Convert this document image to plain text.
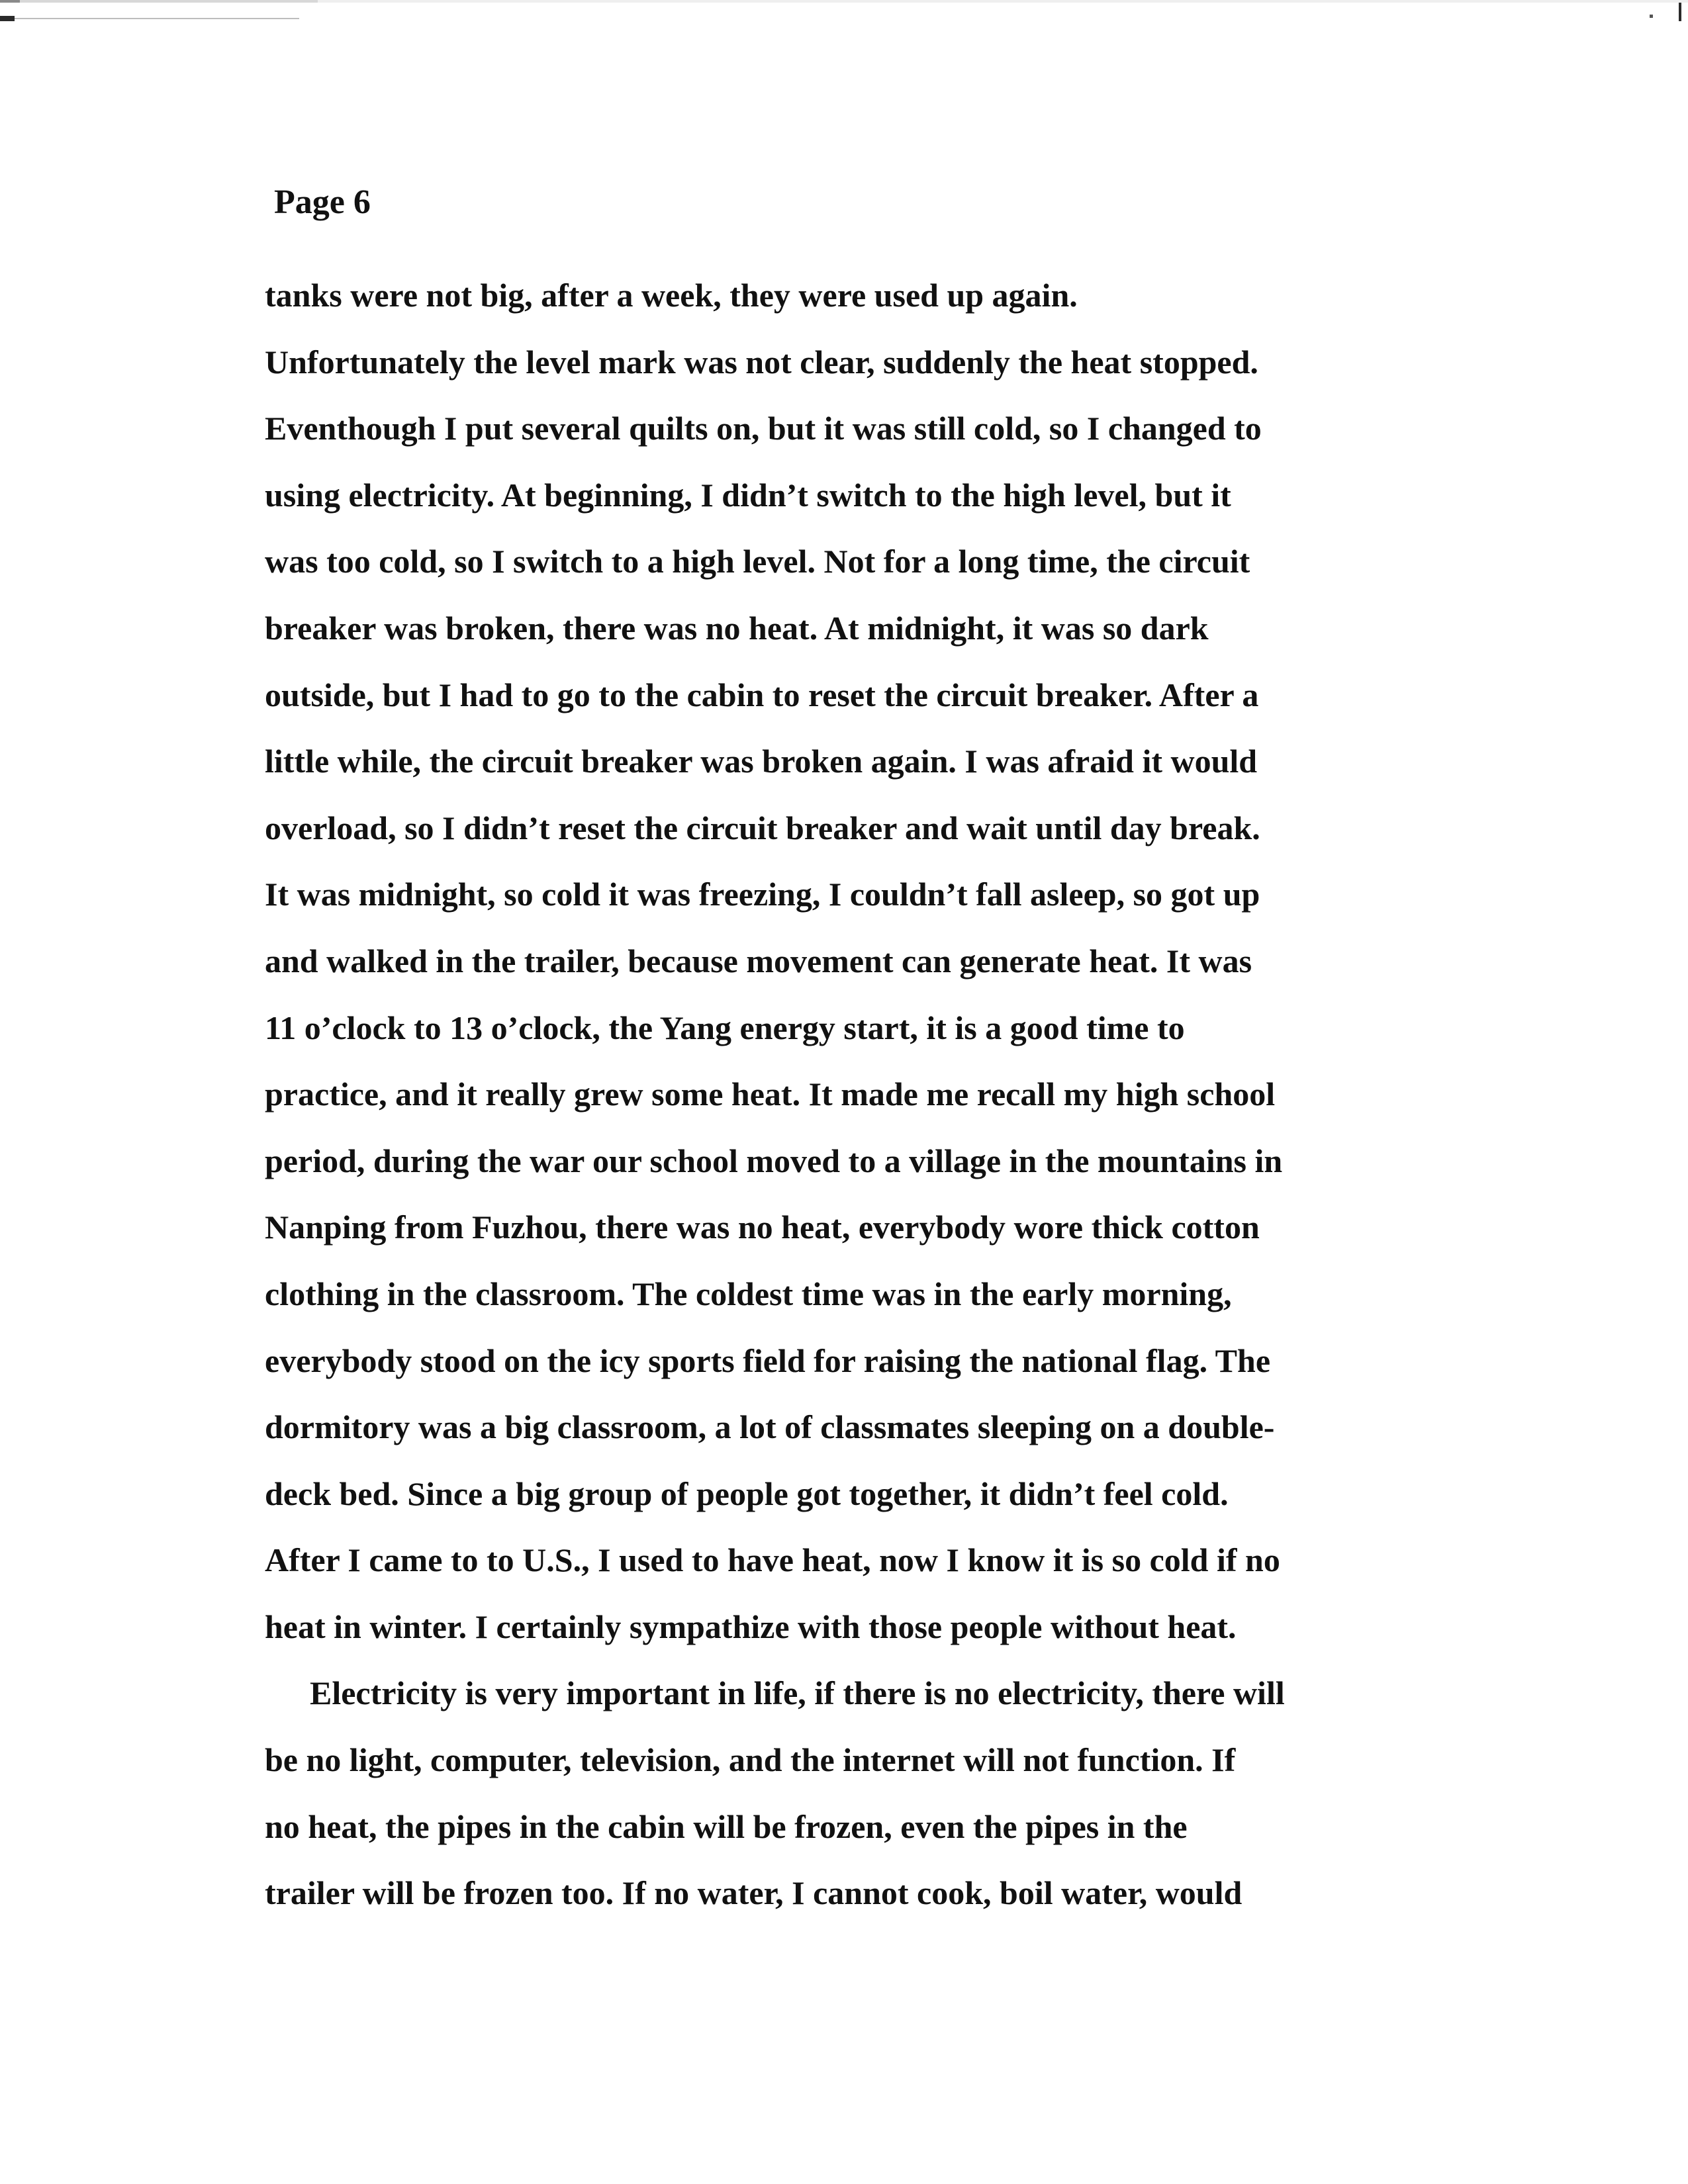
Page 6
tanks were not big, after a week, they were used up again.
Unfortunately the level mark was not clear, suddenly the heat stopped.
Eventhough I put several quilts on, but it was still cold, so I changed to
using electricity. At beginning, I didn’t switch to the high level, but it
was too cold, so I switch to a high level. Not for a long time, the circuit
breaker was broken, there was no heat. At midnight, it was so dark
outside, but I had to go to the cabin to reset the circuit breaker. After a
little while, the circuit breaker was broken again. I was afraid it would
overload, so I didn’t reset the circuit breaker and wait until day break.
It was midnight, so cold it was freezing, I couldn’t fall asleep, so got up
and walked in the trailer, because movement can generate heat. It was
11 o’clock to 13 o’clock, the Yang energy start, it is a good time to
practice, and it really grew some heat. It made me recall my high school
period, during the war our school moved to a village in the mountains in
Nanping from Fuzhou, there was no heat, everybody wore thick cotton
clothing in the classroom. The coldest time was in the early morning,
everybody stood on the icy sports field for raising the national flag. The
dormitory was a big classroom, a lot of classmates sleeping on a double-
deck bed. Since a big group of people got together, it didn’t feel cold.
After I came to to U.S., I used to have heat, now I know it is so cold if no
heat in winter. I certainly sympathize with those people without heat.
Electricity is very important in life, if there is no electricity, there will
be no light, computer, television, and the internet will not function. If
no heat, the pipes in the cabin will be frozen, even the pipes in the
trailer will be frozen too. If no water, I cannot cook, boil water, would
